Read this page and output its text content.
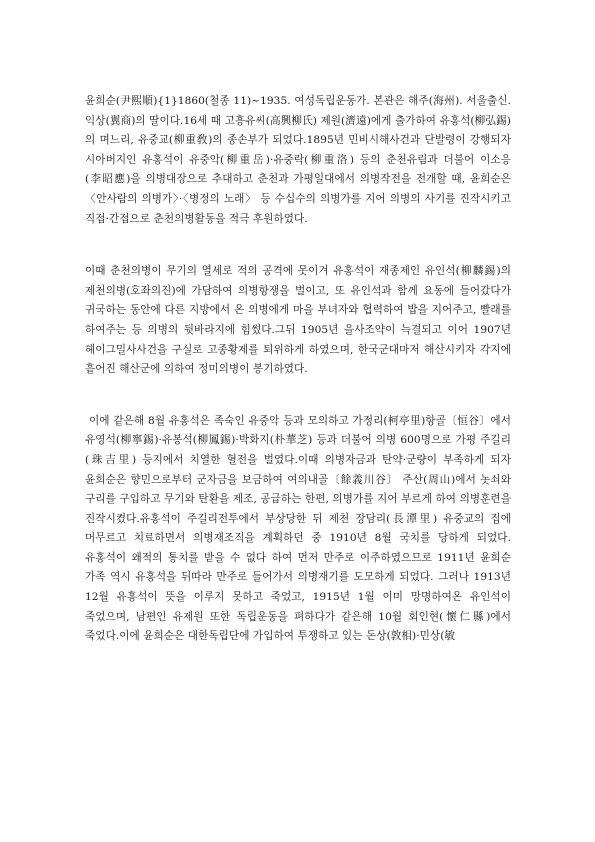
윤희순(尹熙順){1}1860(철종 11)~1935. 여성독립운동가. 본관은 해주(海州). 서울출신. 익상(翼商)의 딸이다.16세 때 고흥유씨(高興柳氏) 제원(濟遠)에게 출가하여 유홍석(柳弘錫)의 며느리, 유중교(柳重敎)의 종손부가 되었다.1895년 민비시해사건과 단발령이 강행되자 시아버지인 유홍석이 유중악(柳重岳)·유중락(柳重洛) 등의 춘천유림과 더불어 이소응(李昭應)을 의병대장으로 추대하고 춘천과 가평일대에서 의병작전을 전개할 때, 윤희순은 〈안사람의 의병가〉·〈병정의 노래〉 등 수십수의 의병가를 지어 의병의 사기를 진작시키고 직접·간접으로 춘천의병활동을 적극 후원하였다.

이때 춘천의병이 무기의 열세로 적의 공격에 못이겨 유홍석이 재종제인 유인석(柳麟錫)의 제천의병(호좌의진)에 가담하여 의병항쟁을 벌이고, 또 유인석과 함께 요동에 들어갔다가 귀국하는 동안에 다른 지방에서 온 의병에게 마을 부녀자와 협력하여 밥을 지어주고, 빨래를 하여주는 등 의병의 뒷바라지에 힘썼다.그뒤 1905년 을사조약이 늑결되고 이어 1907년 헤이그밀사사건을 구실로 고종황제를 퇴위하게 하였으며, 한국군대마저 해산시키자 각지에 흩어진 해산군에 의하여 정미의병이 봉기하였다.

이에 같은해 8월 유홍석은 족숙인 유중악 등과 모의하고 가정리(柯亭里)항골〔恒谷〕에서 유영석(柳寧錫)·유봉석(柳鳳錫)·박화지(朴華芝) 등과 더불어 의병 600명으로 가평 주길리(珠吉里) 등지에서 치열한 혈전을 벌였다.이때 의병자금과 탄약·군량이 부족하게 되자 윤희순은 향민으로부터 군자금을 보금하여 여의내골〔餘義川谷〕 주산(周山)에서 놋쇠와 구리를 구입하고 무기와 탄환을 제조, 공급하는 한편, 의병가를 지어 부르게 하여 의병훈련을 진작시켰다.유홍석이 주길리전투에서 부상당한 뒤 제천 장담리(長潭里) 유중교의 집에 머무르고 치료하면서 의병재조직을 계획하던 중 1910년 8월 국치를 당하게 되었다. 유홍석이 왜적의 통치를 받을 수 없다 하여 먼저 만주로 이주하였으므로 1911년 윤희순 가족 역시 유홍석을 뒤따라 만주로 들어가서 의병재기를 도모하게 되었다. 그러나 1913년 12월 유홍석이 뜻을 이루지 못하고 죽었고, 1915년 1월 이미 망명하여온 유인석이 죽었으며, 남편인 유제원 또한 독립운동을 펴하다가 같은해 10월 회인현(懷仁縣)에서 죽었다.이에 윤희순은 대한독립단에 가입하여 투쟁하고 있는 돈상(敦相)·민상(敏
